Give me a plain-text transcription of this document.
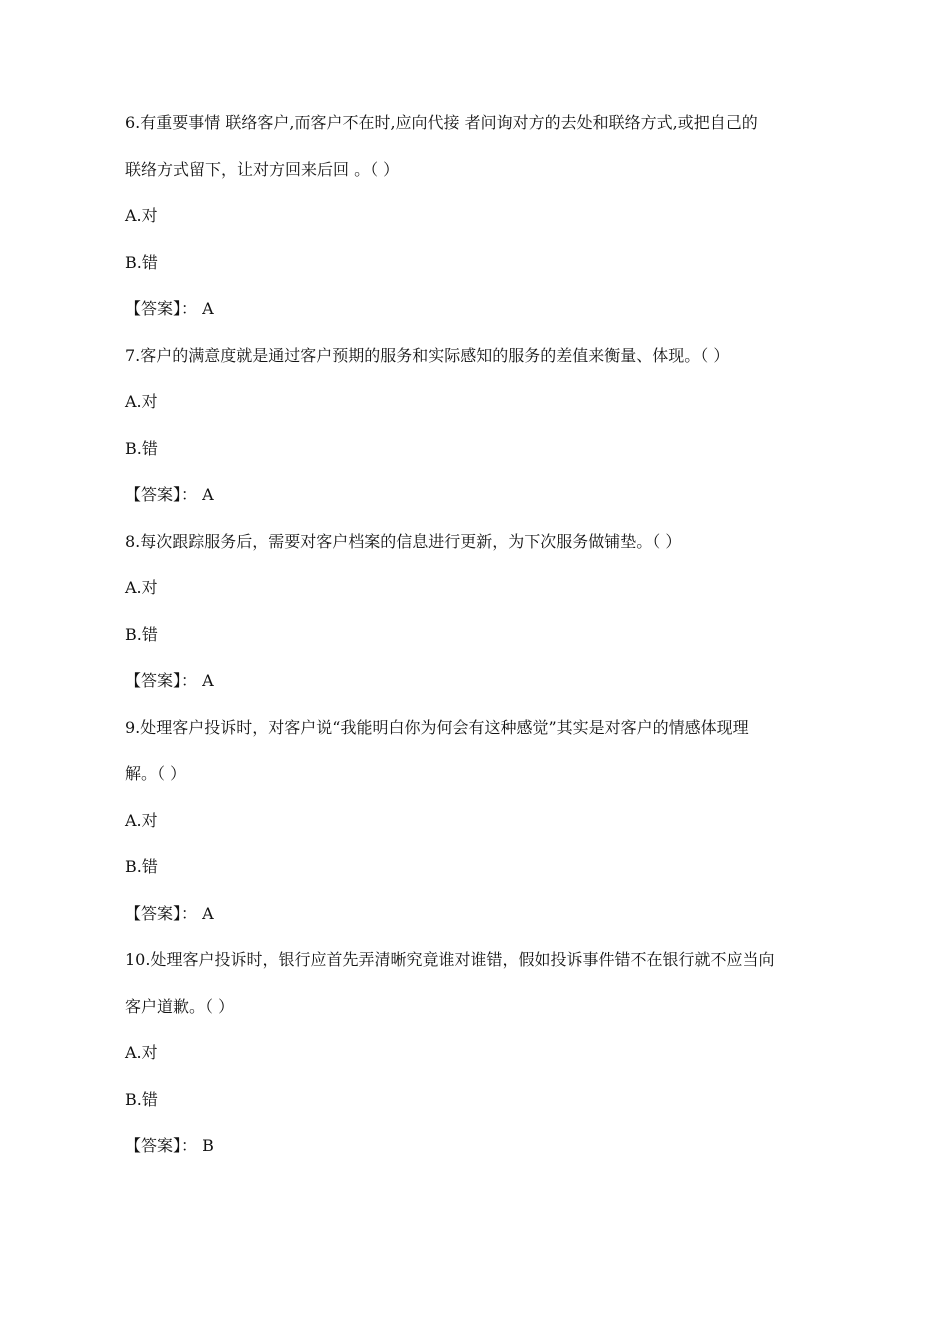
6.有重要事情 联络客户,而客户不在时,应向代接 者问询对方的去处和联络方式,或把自己的
联络方式留下，让对方回来后回 。（ ）
A.对
B.错
【答案】： A
7.客户的满意度就是通过客户预期的服务和实际感知的服务的差值来衡量、体现。（ ）
A.对
B.错
【答案】： A
8.每次跟踪服务后，需要对客户档案的信息进行更新，为下次服务做铺垫。（ ）
A.对
B.错
【答案】： A
9.处理客户投诉时，对客户说“我能明白你为何会有这种感觉”其实是对客户的情感体现理
解。（ ）
A.对
B.错
【答案】： A
10.处理客户投诉时，银行应首先弄清晰究竟谁对谁错，假如投诉事件错不在银行就不应当向
客户道歉。（ ）
A.对
B.错
【答案】： B
